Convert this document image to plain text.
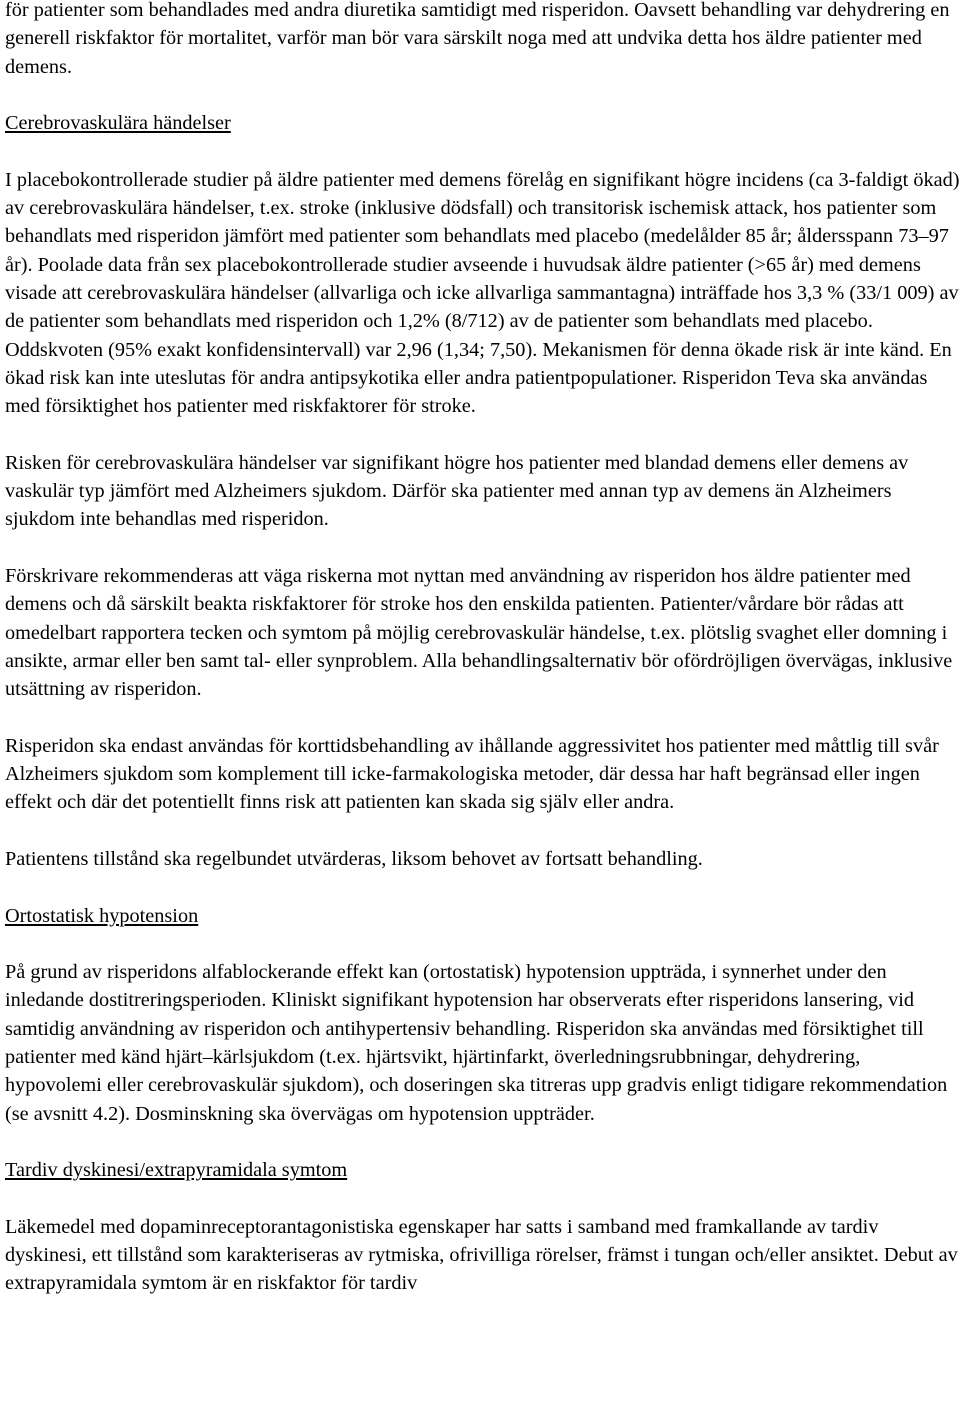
för patienter som behandlades med andra diuretika samtidigt med risperidon. Oavsett behandling var dehydrering en generell riskfaktor för mortalitet, varför man bör vara särskilt noga med att undvika detta hos äldre patienter med demens.

Cerebrovaskulära händelser

I placebokontrollerade studier på äldre patienter med demens förelåg en signifikant högre incidens (ca 3-faldigt ökad) av cerebrovaskulära händelser, t.ex. stroke (inklusive dödsfall) och transitorisk ischemisk attack, hos patienter som behandlats med risperidon jämfört med patienter som behandlats med placebo (medelålder 85 år; åldersspann 73–97 år). Poolade data från sex placebokontrollerade studier avseende i huvudsak äldre patienter (>65 år) med demens visade att cerebrovaskulära händelser (allvarliga och icke allvarliga sammantagna) inträffade hos 3,3 % (33/1 009) av de patienter som behandlats med risperidon och 1,2% (8/712) av de patienter som behandlats med placebo. Oddskvoten (95% exakt konfidensintervall) var 2,96 (1,34; 7,50). Mekanismen för denna ökade risk är inte känd. En ökad risk kan inte uteslutas för andra antipsykotika eller andra patientpopulationer. Risperidon Teva ska användas med försiktighet hos patienter med riskfaktorer för stroke.

Risken för cerebrovaskulära händelser var signifikant högre hos patienter med blandad demens eller demens av vaskulär typ jämfört med Alzheimers sjukdom. Därför ska patienter med annan typ av demens än Alzheimers sjukdom inte behandlas med risperidon.

Förskrivare rekommenderas att väga riskerna mot nyttan med användning av risperidon hos äldre patienter med demens och då särskilt beakta riskfaktorer för stroke hos den enskilda patienten. Patienter/vårdare bör rådas att omedelbart rapportera tecken och symtom på möjlig cerebrovaskulär händelse, t.ex. plötslig svaghet eller domning i ansikte, armar eller ben samt tal- eller synproblem. Alla behandlingsalternativ bör ofördröjligen övervägas, inklusive utsättning av risperidon.

Risperidon ska endast användas för korttidsbehandling av ihållande aggressivitet hos patienter med måttlig till svår Alzheimers sjukdom som komplement till icke-farmakologiska metoder, där dessa har haft begränsad eller ingen effekt och där det potentiellt finns risk att patienten kan skada sig själv eller andra.

Patientens tillstånd ska regelbundet utvärderas, liksom behovet av fortsatt behandling.

Ortostatisk hypotension

På grund av risperidons alfablockerande effekt kan (ortostatisk) hypotension uppträda, i synnerhet under den inledande dostitreringsperioden. Kliniskt signifikant hypotension har observerats efter risperidons lansering, vid samtidig användning av risperidon och antihypertensiv behandling. Risperidon ska användas med försiktighet till patienter med känd hjärt–kärlsjukdom (t.ex. hjärtsvikt, hjärtinfarkt, överledningsrubbningar, dehydrering, hypovolemi eller cerebrovaskulär sjukdom), och doseringen ska titreras upp gradvis enligt tidigare rekommendation (se avsnitt 4.2). Dosminskning ska övervägas om hypotension uppträder.

Tardiv dyskinesi/extrapyramidala symtom

Läkemedel med dopaminreceptorantagonistiska egenskaper har satts i samband med framkallande av tardiv dyskinesi, ett tillstånd som karakteriseras av rytmiska, ofrivilliga rörelser, främst i tungan och/eller ansiktet. Debut av extrapyramidala symtom är en riskfaktor för tardiv
